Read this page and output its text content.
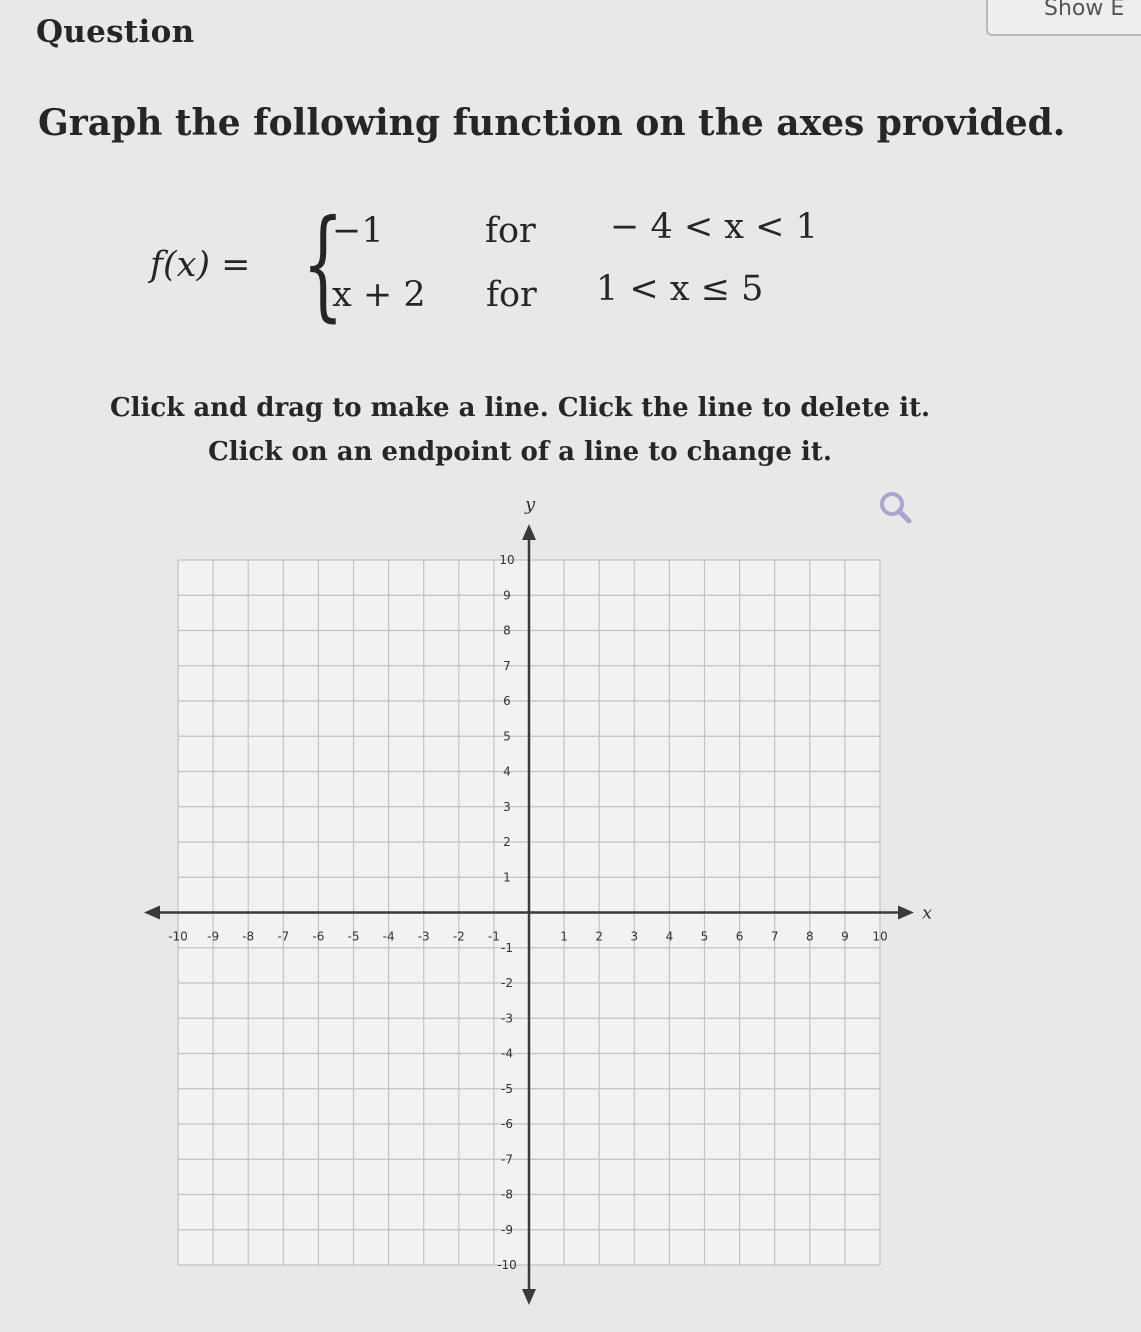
Question
Show E
Graph the following function on the axes provided.
f(x) = {
−1	for − 4 < x < 1
x + 2 for 1 < x ≤ 5
Click and drag to make a line. Click the line to delete it.
Click on an endpoint of a line to change it.
x
y
-10 -9 -8 -7 -6 -5 -4 -3 -2 -1	1 2 3 4 5 6 7 8 9 10
-10
-9
-8
-7
-6
-5
-4
-3
-2
-1
1
2
3
4
5
6
7
8
9
10
